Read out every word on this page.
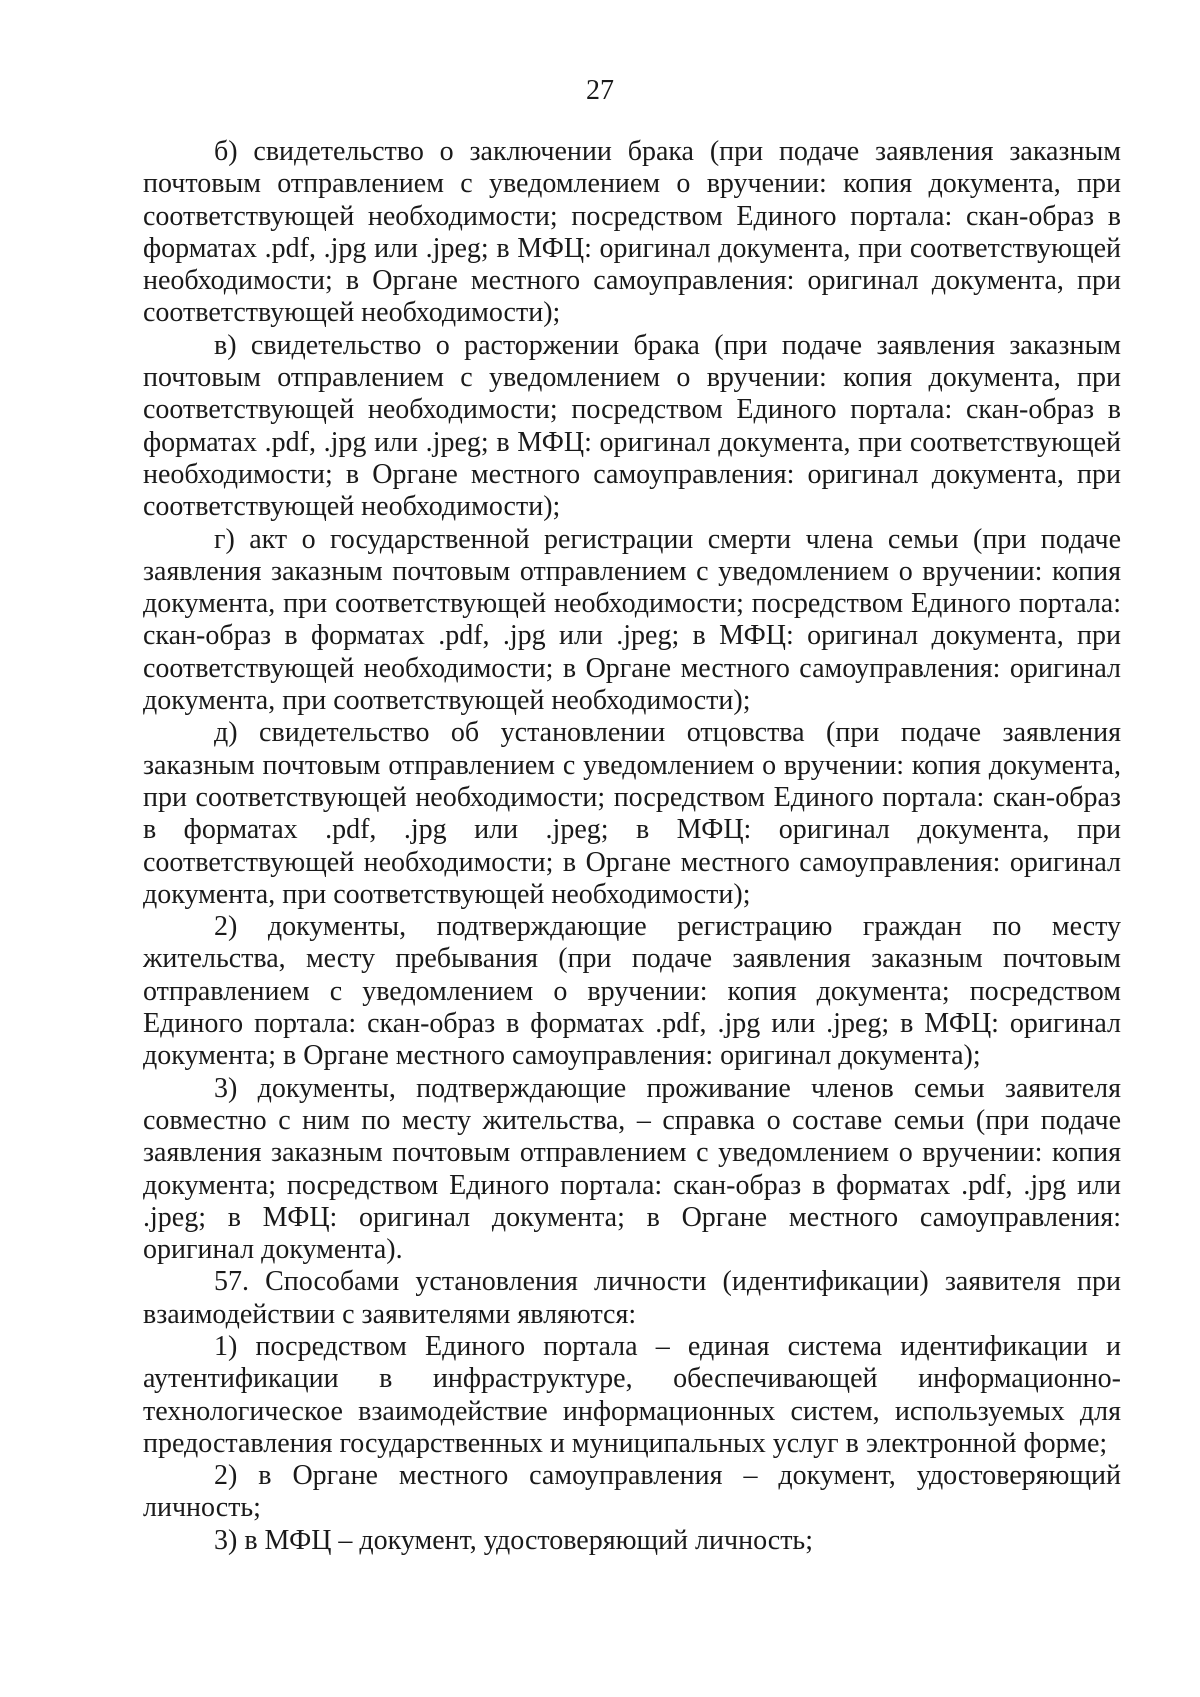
27

б) свидетельство о заключении брака (при подаче заявления заказным почтовым отправлением с уведомлением о вручении: копия документа, при соответствующей необходимости; посредством Единого портала: скан-образ в форматах .pdf, .jpg или .jpeg; в МФЦ: оригинал документа, при соответствующей необходимости; в Органе местного самоуправления: оригинал документа, при соответствующей необходимости);

в) свидетельство о расторжении брака (при подаче заявления заказным почтовым отправлением с уведомлением о вручении: копия документа, при соответствующей необходимости; посредством Единого портала: скан-образ в форматах .pdf, .jpg или .jpeg; в МФЦ: оригинал документа, при соответствующей необходимости; в Органе местного самоуправления: оригинал документа, при соответствующей необходимости);

г) акт о государственной регистрации смерти члена семьи (при подаче заявления заказным почтовым отправлением с уведомлением о вручении: копия документа, при соответствующей необходимости; посредством Единого портала: скан-образ в форматах .pdf, .jpg или .jpeg; в МФЦ: оригинал документа, при соответствующей необходимости; в Органе местного самоуправления: оригинал документа, при соответствующей необходимости);

д) свидетельство об установлении отцовства (при подаче заявления заказным почтовым отправлением с уведомлением о вручении: копия документа, при соответствующей необходимости; посредством Единого портала: скан-образ в форматах .pdf, .jpg или .jpeg; в МФЦ: оригинал документа, при соответствующей необходимости; в Органе местного самоуправления: оригинал документа, при соответствующей необходимости);

2) документы, подтверждающие регистрацию граждан по месту жительства, месту пребывания (при подаче заявления заказным почтовым отправлением с уведомлением о вручении: копия документа; посредством Единого портала: скан-образ в форматах .pdf, .jpg или .jpeg; в МФЦ: оригинал документа; в Органе местного самоуправления: оригинал документа);

3) документы, подтверждающие проживание членов семьи заявителя совместно с ним по месту жительства, – справка о составе семьи (при подаче заявления заказным почтовым отправлением с уведомлением о вручении: копия документа; посредством Единого портала: скан-образ в форматах .pdf, .jpg или .jpeg; в МФЦ: оригинал документа; в Органе местного самоуправления: оригинал документа).

57. Способами установления личности (идентификации) заявителя при взаимодействии с заявителями являются:

1) посредством Единого портала – единая система идентификации и аутентификации в инфраструктуре, обеспечивающей информационно-технологическое взаимодействие информационных систем, используемых для предоставления государственных и муниципальных услуг в электронной форме;

2) в Органе местного самоуправления – документ, удостоверяющий личность;

3) в МФЦ – документ, удостоверяющий личность;
